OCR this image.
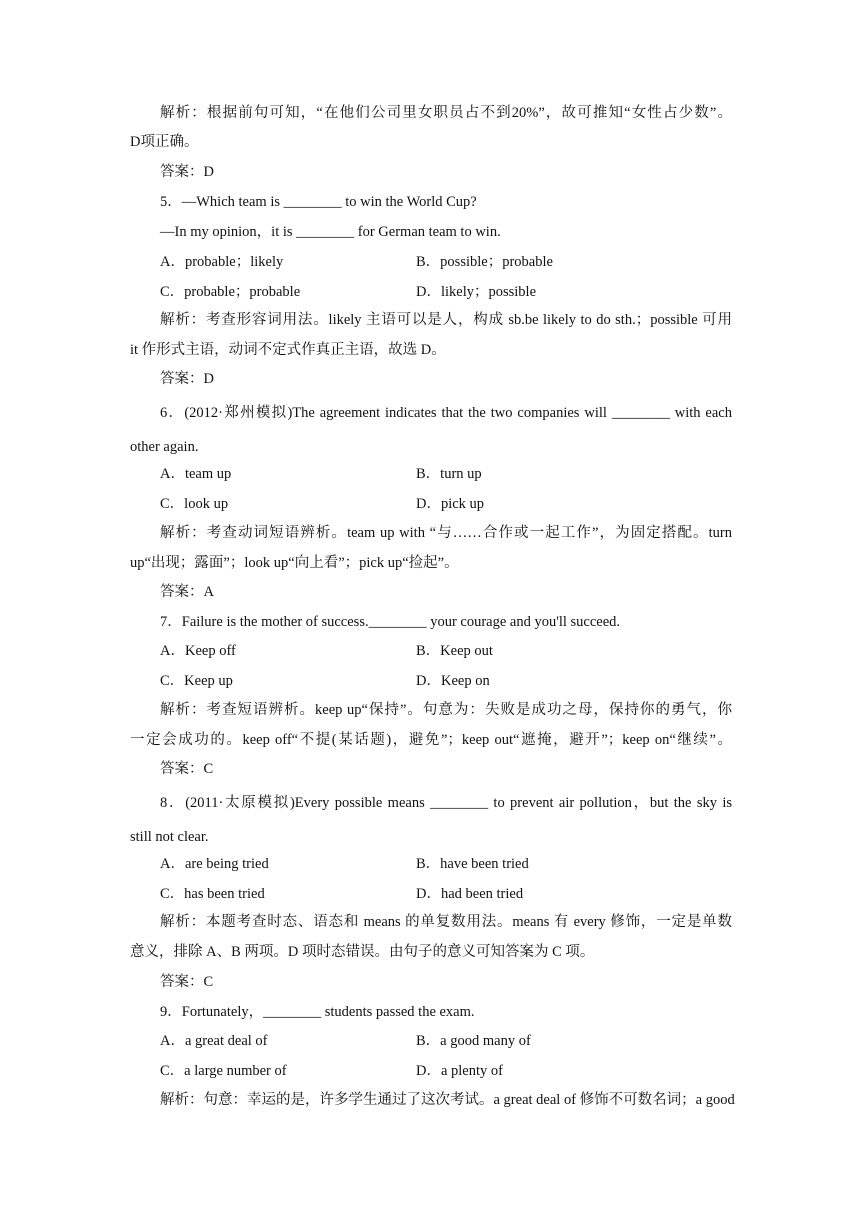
解析：根据前句可知，“在他们公司里女职员占不到20%”，故可推知“女性占少数”。
D项正确。
答案：D
5．—Which team is ________ to win the World Cup?
—In my opinion，it is ________ for German team to win.
A．probable；likely	B．possible；probable
C．probable；probable	D．likely；possible
解析：考查形容词用法。likely 主语可以是人，构成 sb.be likely to do sth.；possible 可用
it 作形式主语，动词不定式作真正主语，故选 D。
答案：D
6．(2012·郑州模拟)The agreement indicates that the two companies will ________ with each
other again.
A．team up	B．turn up
C．look up	D．pick up
解析：考查动词短语辨析。team up with “与……合作或一起工作”，为固定搭配。turn
up“出现；露面”；look up“向上看”；pick up“捡起”。
答案：A
7．Failure is the mother of success.________ your courage and you'll succeed.
A．Keep off	B．Keep out
C．Keep up	D．Keep on
解析：考查短语辨析。keep up“保持”。句意为：失败是成功之母，保持你的勇气，你
一定会成功的。keep off“不提(某话题)，避免”；keep out“遮掩，避开”；keep on“继续”。
答案：C
8．(2011·太原模拟)Every possible means ________ to prevent air pollution，but the sky is
still not clear.
A．are being tried	B．have been tried
C．has been tried	D．had been tried
解析：本题考查时态、语态和 means 的单复数用法。means 有 every 修饰，一定是单数
意义，排除 A、B 两项。D 项时态错误。由句子的意义可知答案为 C 项。
答案：C
9．Fortunately，________ students passed the exam.
A．a great deal of	B．a good many of
C．a large number of	D．a plenty of
解析：句意：幸运的是，许多学生通过了这次考试。a great deal of 修饰不可数名词；a good
